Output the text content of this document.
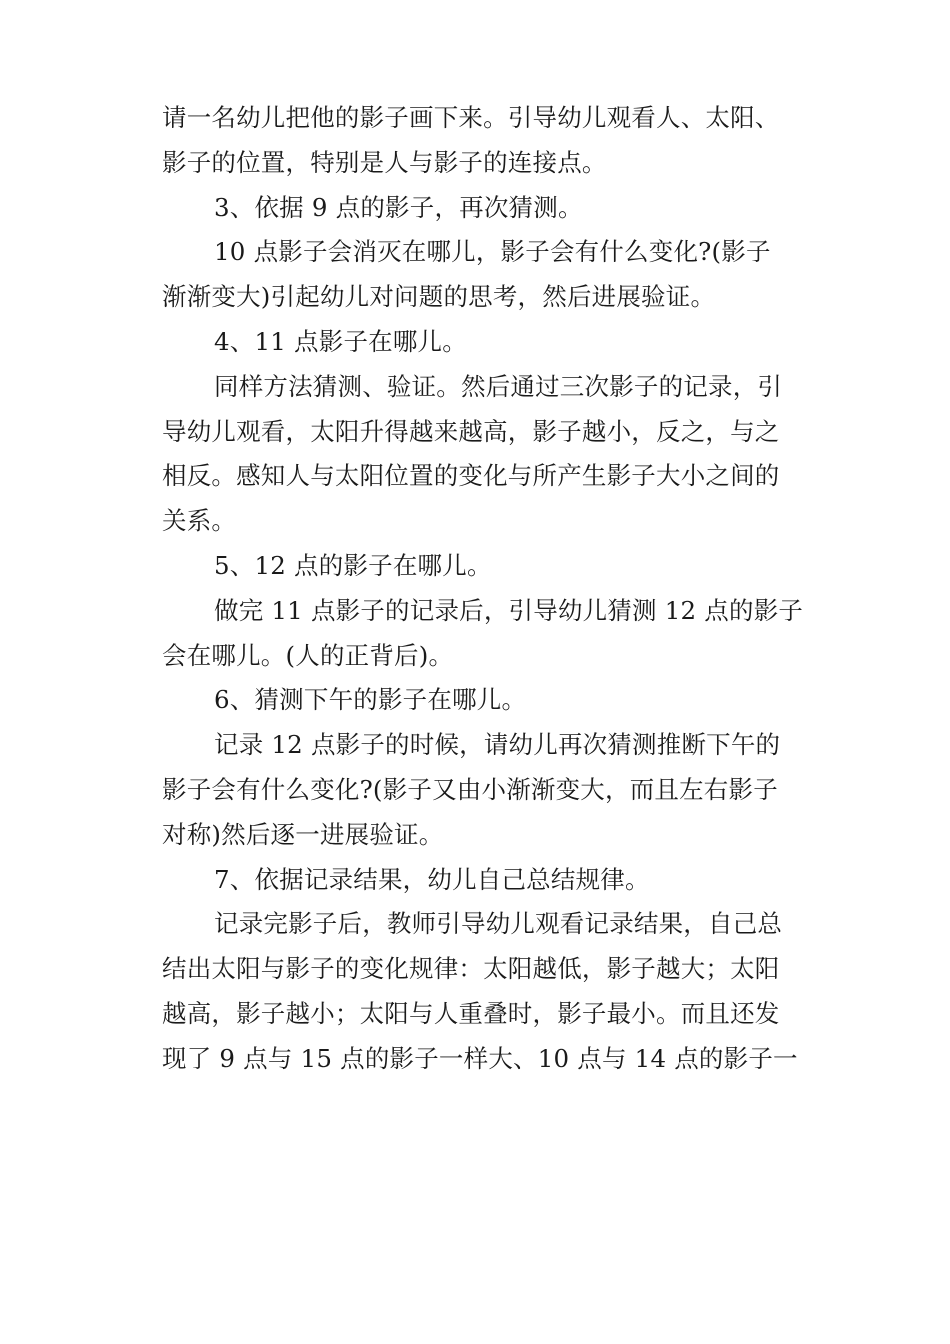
请一名幼儿把他的影子画下来。引导幼儿观看人、太阳、
影子的位置，特别是人与影子的连接点。
3、依据 9 点的影子，再次猜测。
10 点影子会消灭在哪儿，影子会有什么变化?(影子
渐渐变大)引起幼儿对问题的思考，然后进展验证。
4、11 点影子在哪儿。
同样方法猜测、验证。然后通过三次影子的记录，引
导幼儿观看，太阳升得越来越高，影子越小，反之，与之
相反。感知人与太阳位置的变化与所产生影子大小之间的
关系。
5、12 点的影子在哪儿。
做完 11 点影子的记录后，引导幼儿猜测 12 点的影子
会在哪儿。(人的正背后)。
6、猜测下午的影子在哪儿。
记录 12 点影子的时候，请幼儿再次猜测推断下午的
影子会有什么变化?(影子又由小渐渐变大，而且左右影子
对称)然后逐一进展验证。
7、依据记录结果，幼儿自己总结规律。
记录完影子后，教师引导幼儿观看记录结果，自己总
结出太阳与影子的变化规律：太阳越低，影子越大；太阳
越高，影子越小；太阳与人重叠时，影子最小。而且还发
现了 9 点与 15 点的影子一样大、10 点与 14 点的影子一
